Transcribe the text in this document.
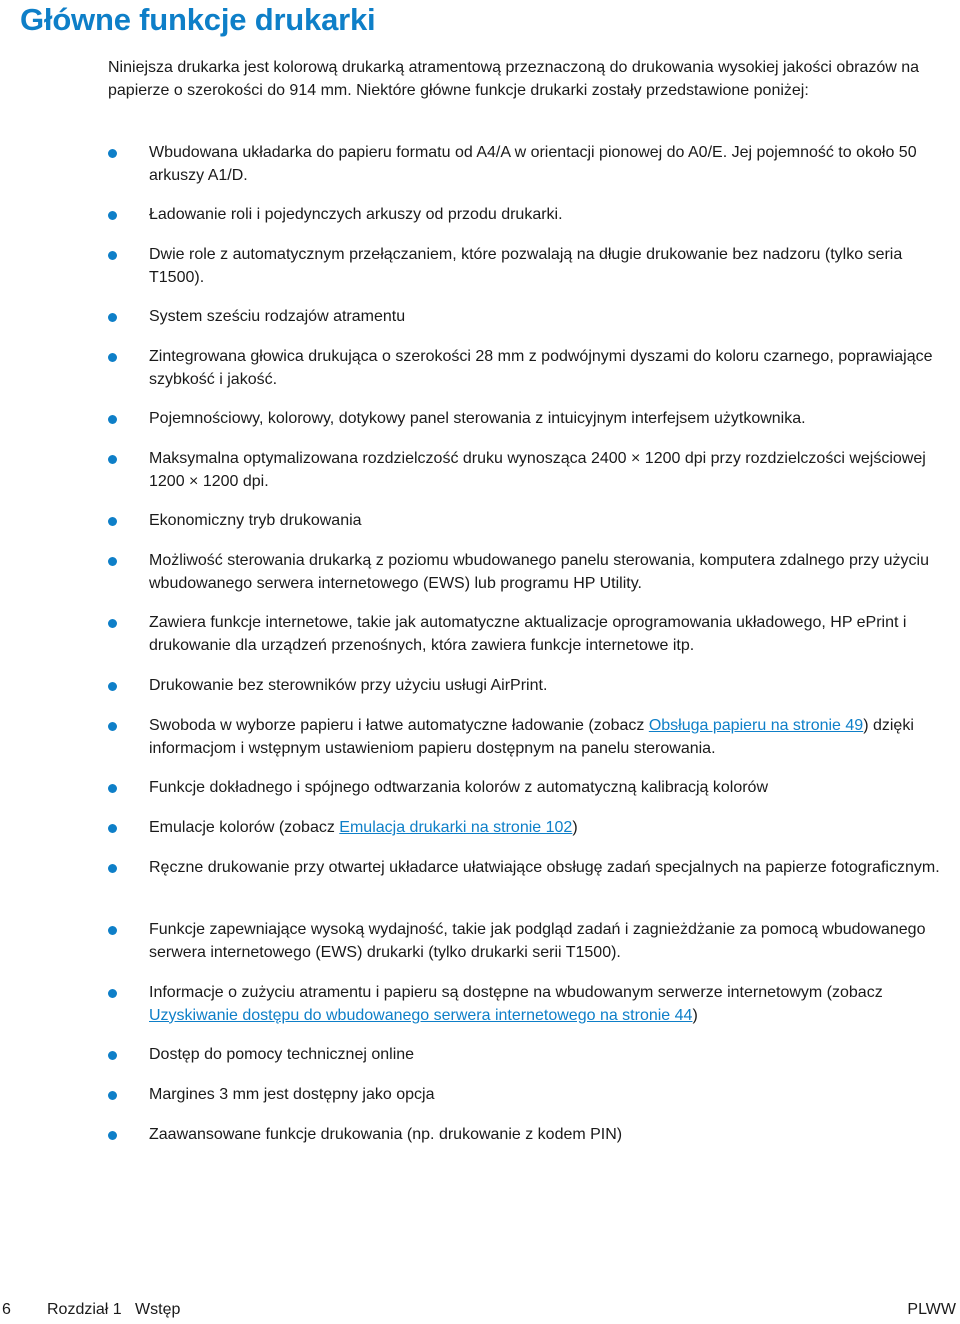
Główne funkcje drukarki

Niniejsza drukarka jest kolorową drukarką atramentową przeznaczoną do drukowania wysokiej jakości obrazów na papierze o szerokości do 914 mm. Niektóre główne funkcje drukarki zostały przedstawione poniżej:

Wbudowana układarka do papieru formatu od A4/A w orientacji pionowej do A0/E. Jej pojemność to około 50 arkuszy A1/D.
Ładowanie roli i pojedynczych arkuszy od przodu drukarki.
Dwie role z automatycznym przełączaniem, które pozwalają na długie drukowanie bez nadzoru (tylko seria T1500).
System sześciu rodzajów atramentu
Zintegrowana głowica drukująca o szerokości 28 mm z podwójnymi dyszami do koloru czarnego, poprawiające szybkość i jakość.
Pojemnościowy, kolorowy, dotykowy panel sterowania z intuicyjnym interfejsem użytkownika.
Maksymalna optymalizowana rozdzielczość druku wynosząca 2400 × 1200 dpi przy rozdzielczości wejściowej 1200 × 1200 dpi.
Ekonomiczny tryb drukowania
Możliwość sterowania drukarką z poziomu wbudowanego panelu sterowania, komputera zdalnego przy użyciu wbudowanego serwera internetowego (EWS) lub programu HP Utility.
Zawiera funkcje internetowe, takie jak automatyczne aktualizacje oprogramowania układowego, HP ePrint i drukowanie dla urządzeń przenośnych, która zawiera funkcje internetowe itp.
Drukowanie bez sterowników przy użyciu usługi AirPrint.
Swoboda w wyborze papieru i łatwe automatyczne ładowanie (zobacz Obsługa papieru na stronie 49) dzięki informacjom i wstępnym ustawieniom papieru dostępnym na panelu sterowania.
Funkcje dokładnego i spójnego odtwarzania kolorów z automatyczną kalibracją kolorów
Emulacje kolorów (zobacz Emulacja drukarki na stronie 102)
Ręczne drukowanie przy otwartej układarce ułatwiające obsługę zadań specjalnych na papierze fotograficznym.
Funkcje zapewniające wysoką wydajność, takie jak podgląd zadań i zagnieżdżanie za pomocą wbudowanego serwera internetowego (EWS) drukarki (tylko drukarki serii T1500).
Informacje o zużyciu atramentu i papieru są dostępne na wbudowanym serwerze internetowym (zobacz Uzyskiwanie dostępu do wbudowanego serwera internetowego na stronie 44)
Dostęp do pomocy technicznej online
Margines 3 mm jest dostępny jako opcja
Zaawansowane funkcje drukowania (np. drukowanie z kodem PIN)
6 Rozdział 1   Wstęp	PLWW
